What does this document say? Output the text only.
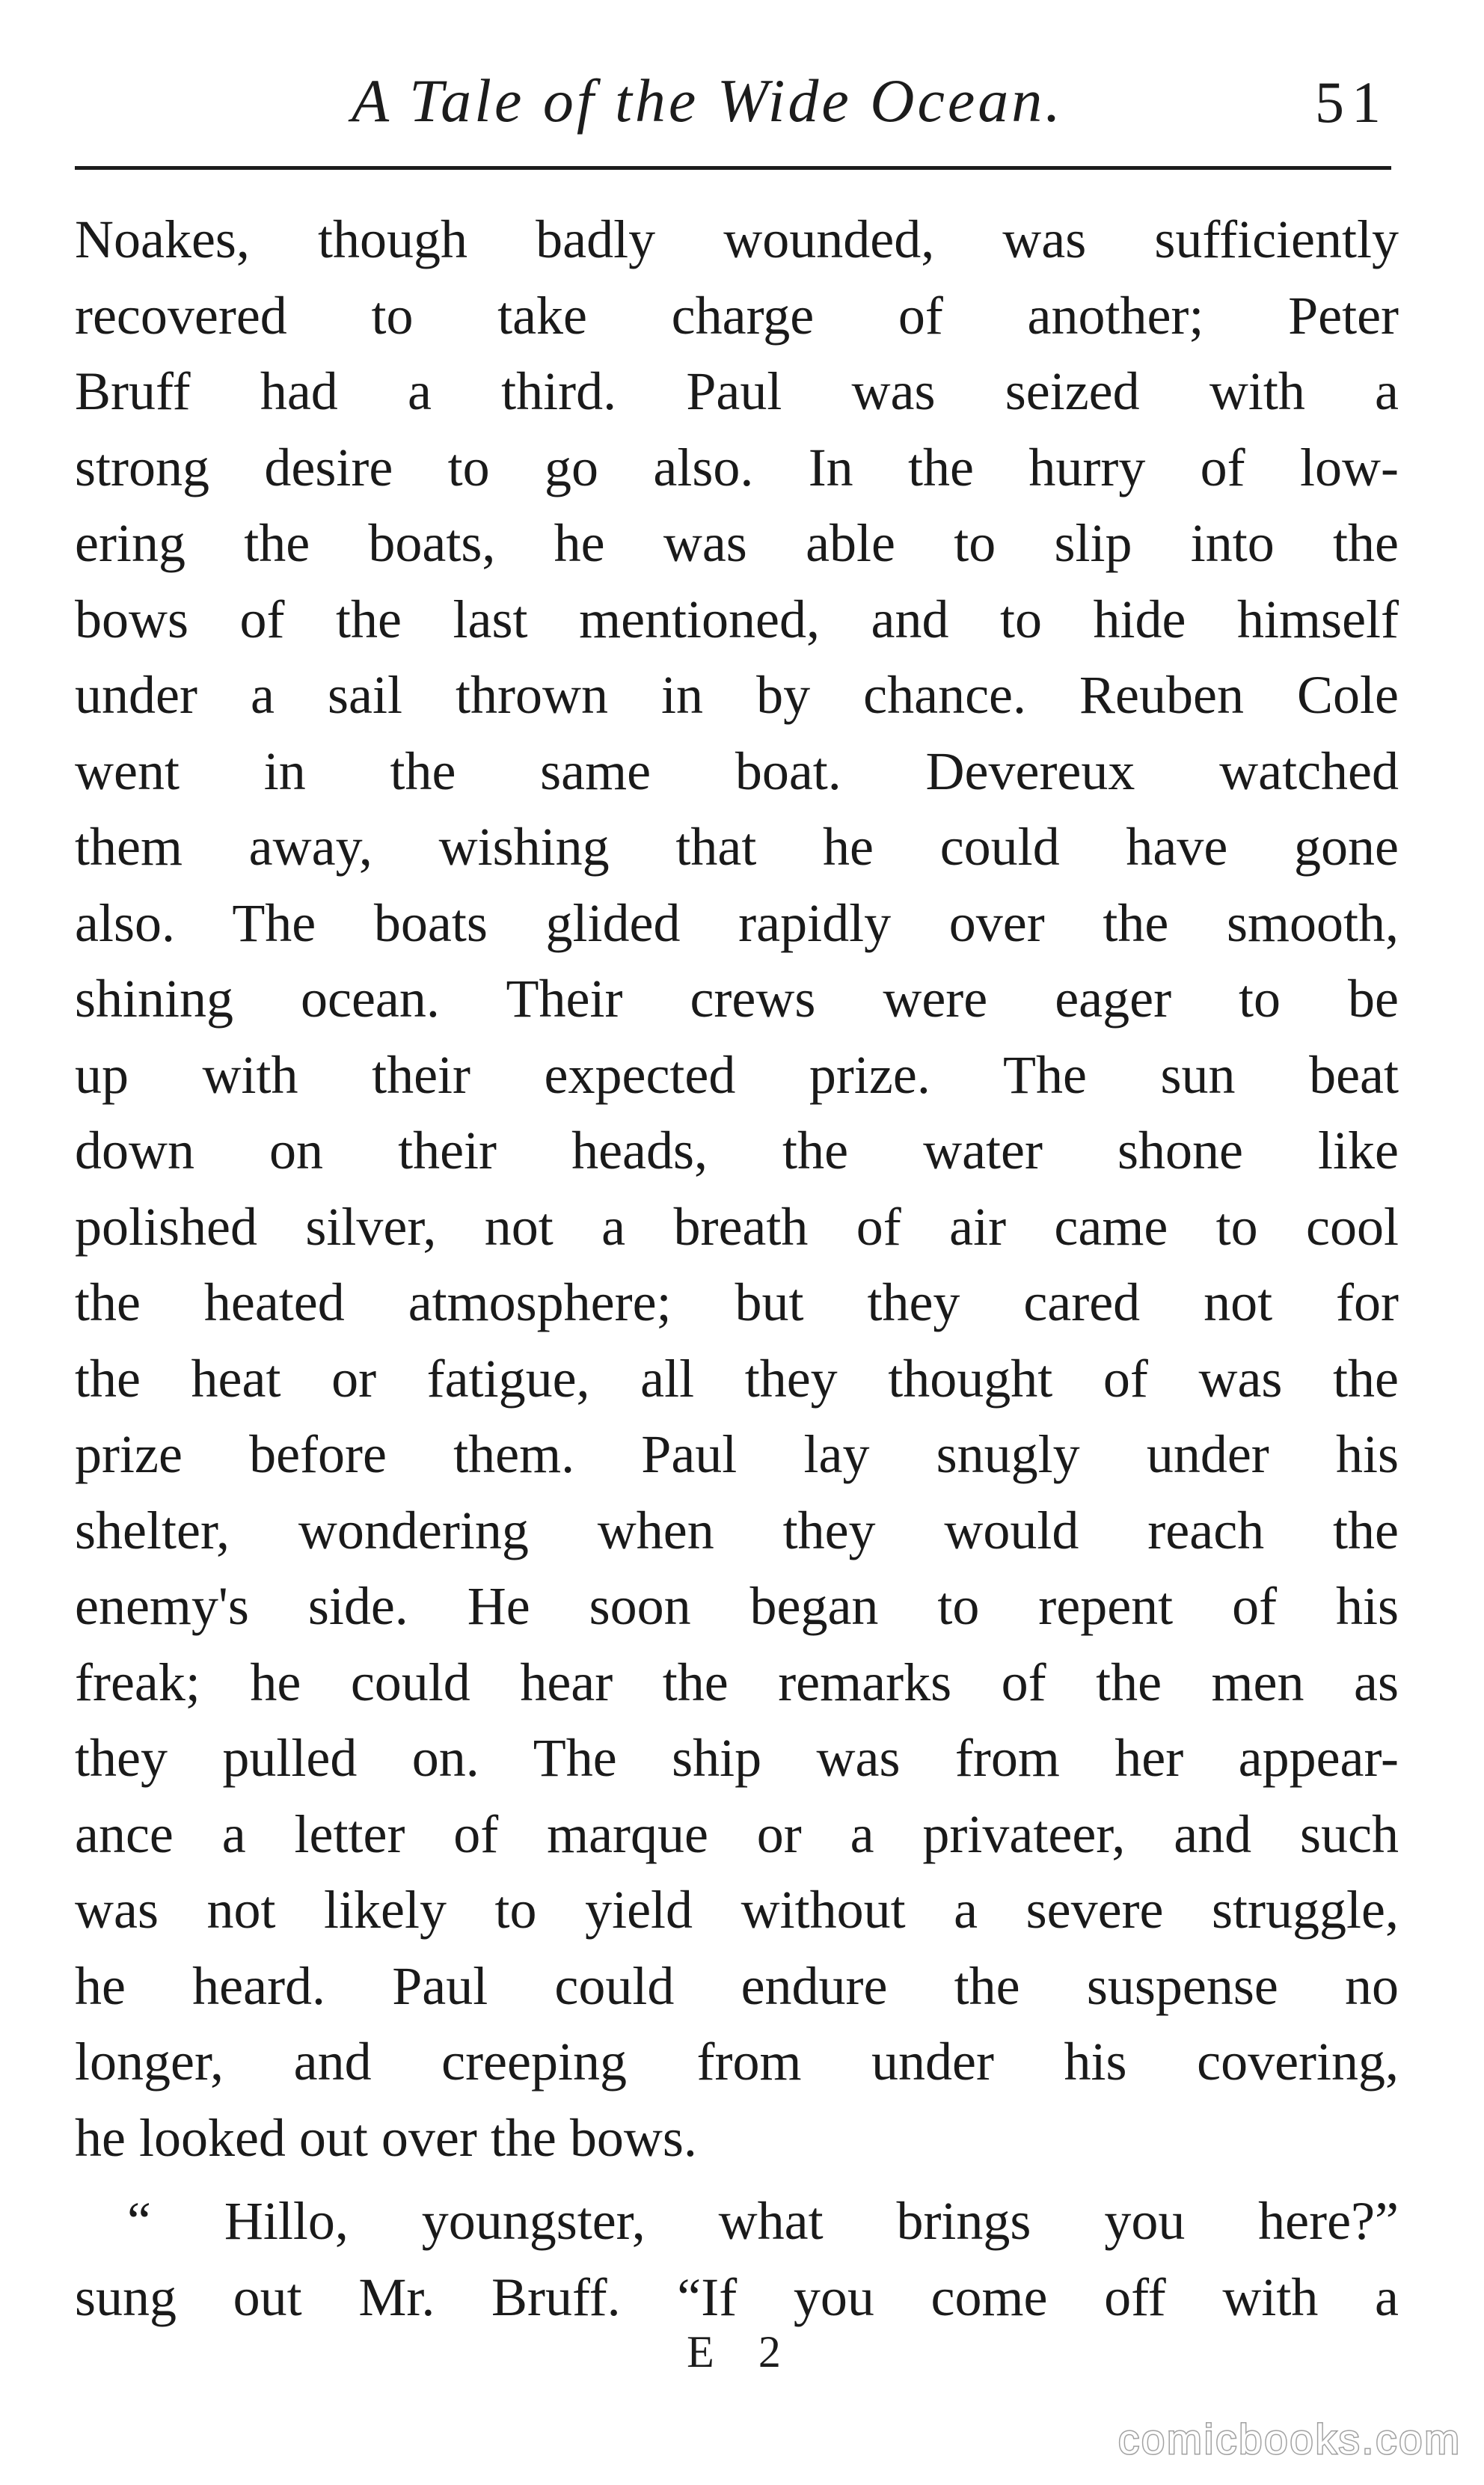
A Tale of the Wide Ocean.	51
Noakes, though badly wounded, was sufficiently
recovered to take charge of another; Peter
Bruff had a third. Paul was seized with a
strong desire to go also. In the hurry of low-
ering the boats, he was able to slip into the
bows of the last mentioned, and to hide himself
under a sail thrown in by chance. Reuben Cole
went in the same boat. Devereux watched
them away, wishing that he could have gone
also. The boats glided rapidly over the smooth,
shining ocean. Their crews were eager to be
up with their expected prize. The sun beat
down on their heads, the water shone like
polished silver, not a breath of air came to cool
the heated atmosphere; but they cared not for
the heat or fatigue, all they thought of was the
prize before them. Paul lay snugly under his
shelter, wondering when they would reach the
enemy's side. He soon began to repent of his
freak; he could hear the remarks of the men as
they pulled on. The ship was from her appear-
ance a letter of marque or a privateer, and such
was not likely to yield without a severe struggle,
he heard. Paul could endure the suspense no
longer, and creeping from under his covering,
he looked out over the bows.
“ Hillo, youngster, what brings you here?”
sung out Mr. Bruff. “If you come off with a
E 2
comicbooks.com
